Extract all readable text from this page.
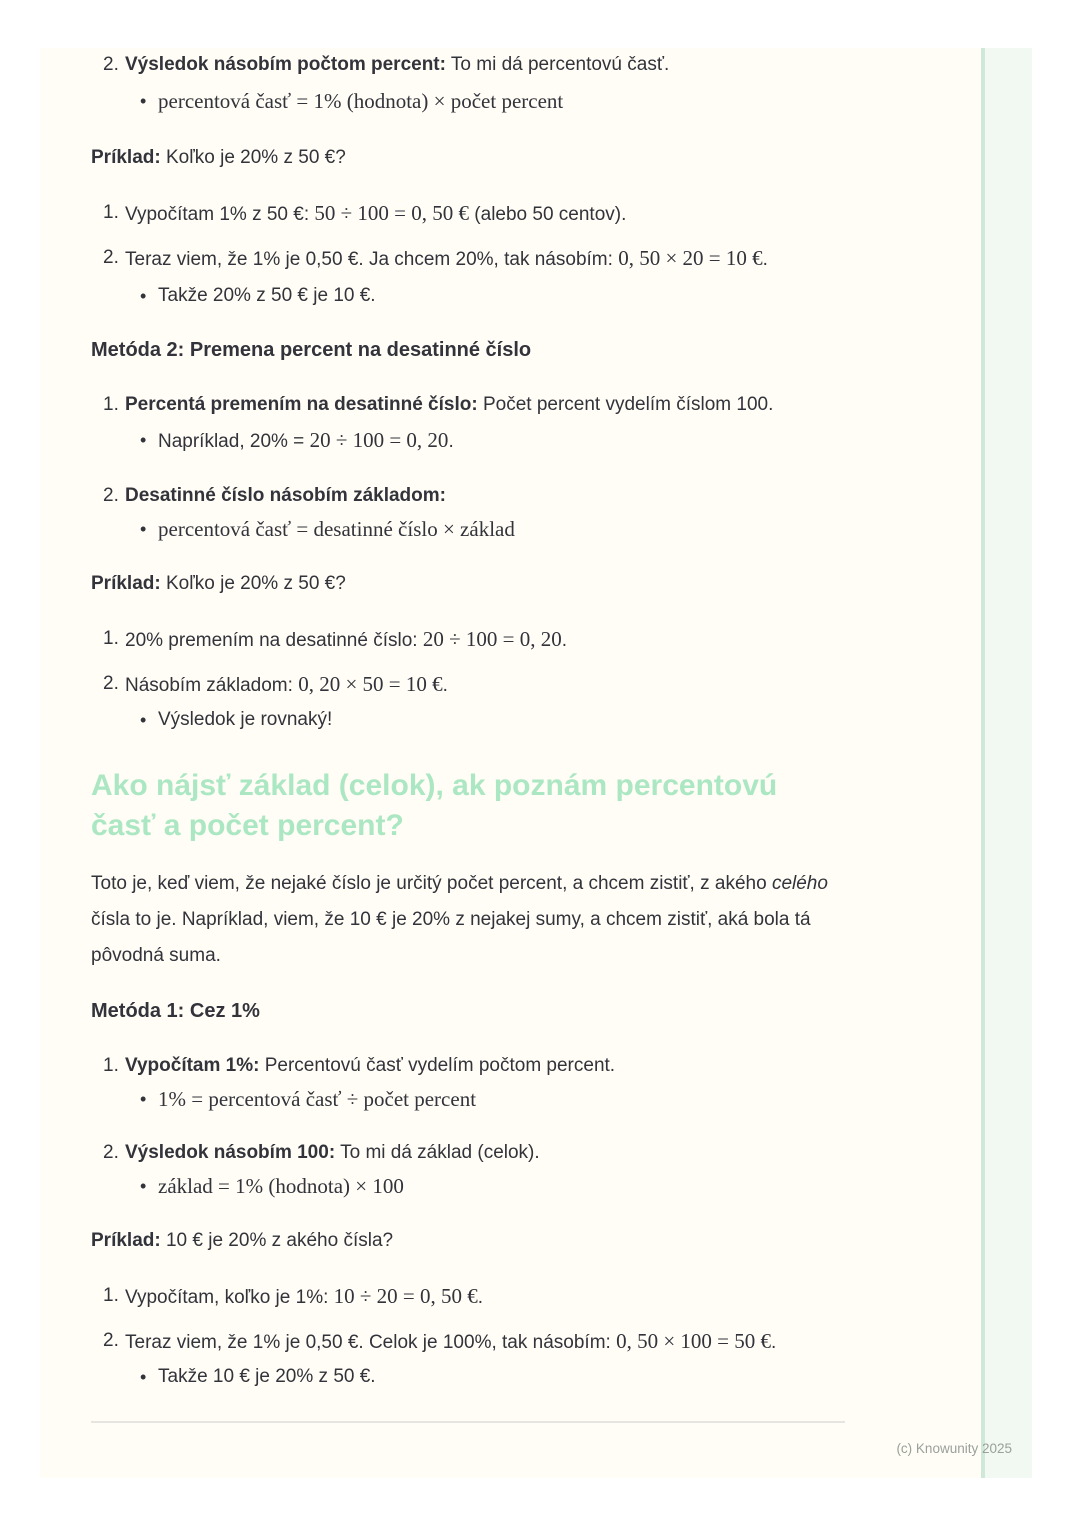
2. Výsledok násobím počtom percent: To mi dá percentovú časť.
• percentová časť = 1% (hodnota) × počet percent

Príklad: Koľko je 20% z 50 €?

1. Vypočítam 1% z 50 €: 50 ÷ 100 = 0, 50 € (alebo 50 centov).
2. Teraz viem, že 1% je 0,50 €. Ja chcem 20%, tak násobím: 0, 50 × 20 = 10 €.
• Takže 20% z 50 € je 10 €.
Metóda 2: Premena percent na desatinné číslo
1. Percentá premením na desatinné číslo: Počet percent vydelím číslom 100.
• Napríklad, 20% = 20 ÷ 100 = 0, 20.
2. Desatinné číslo násobím základom:
• percentová časť = desatinné číslo × základ

Príklad: Koľko je 20% z 50 €?

1. 20% premením na desatinné číslo: 20 ÷ 100 = 0, 20.
2. Násobím základom: 0, 20 × 50 = 10 €.
• Výsledok je rovnaký!
Ako nájsť základ (celok), ak poznám percentovú časť a počet percent?

Toto je, keď viem, že nejaké číslo je určitý počet percent, a chcem zistiť, z akého celého čísla to je. Napríklad, viem, že 10 € je 20% z nejakej sumy, a chcem zistiť, aká bola tá pôvodná suma.

Metóda 1: Cez 1%
1. Vypočítam 1%: Percentovú časť vydelím počtom percent.
• 1% = percentová časť ÷ počet percent
2. Výsledok násobím 100: To mi dá základ (celok).
• základ = 1% (hodnota) × 100

Príklad: 10 € je 20% z akého čísla?

1. Vypočítam, koľko je 1%: 10 ÷ 20 = 0, 50 €.
2. Teraz viem, že 1% je 0,50 €. Celok je 100%, tak násobím: 0, 50 × 100 = 50 €.
• Takže 10 € je 20% z 50 €.
(c) Knowunity 2025
